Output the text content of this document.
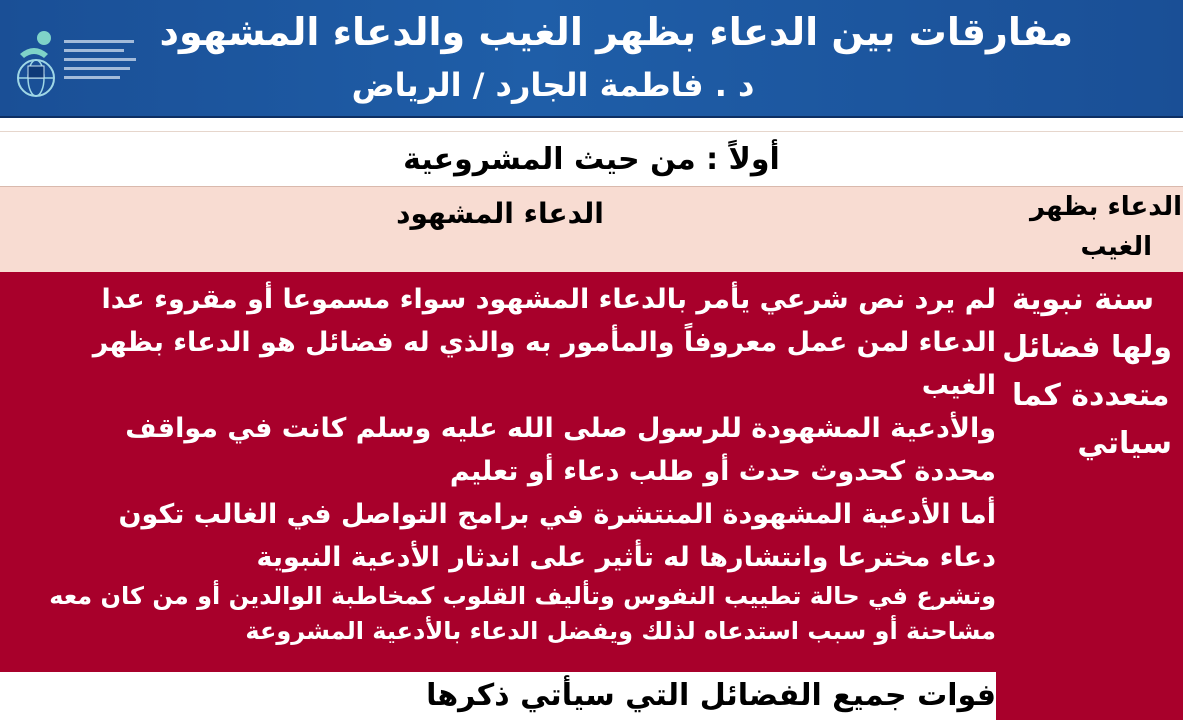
مفارقات بين الدعاء بظهر الغيب والدعاء المشهود
د . فاطمة الجارد / الرياض
أولاً : من حيث المشروعية
الدعاء المشهود	الدعاء بظهر
الغيب

لم يرد نص شرعي يأمر بالدعاء المشهود سواء مسموعا أو مقروء عدا

الدعاء لمن عمل معروفاً والمأمور به والذي له فضائل هو الدعاء بظهر

الغيب

والأدعية المشهودة للرسول صلى الله عليه وسلم كانت في مواقف

محددة كحدوث حدث أو طلب دعاء أو تعليم

أما الأدعية المشهودة المنتشرة في برامج التواصل في الغالب تكون

دعاء مخترعا وانتشارها له تأثير على اندثار الأدعية النبوية

وتشرع في حالة تطييب النفوس وتأليف القلوب كمخاطبة الوالدين أو من كان معه

مشاحنة أو سبب استدعاه لذلك ويفضل الدعاء بالأدعية المشروعة

سنة نبوية
ولها فضائل
متعددة كما
سياتي
فوات جميع الفضائل التي سيأتي ذكرها
